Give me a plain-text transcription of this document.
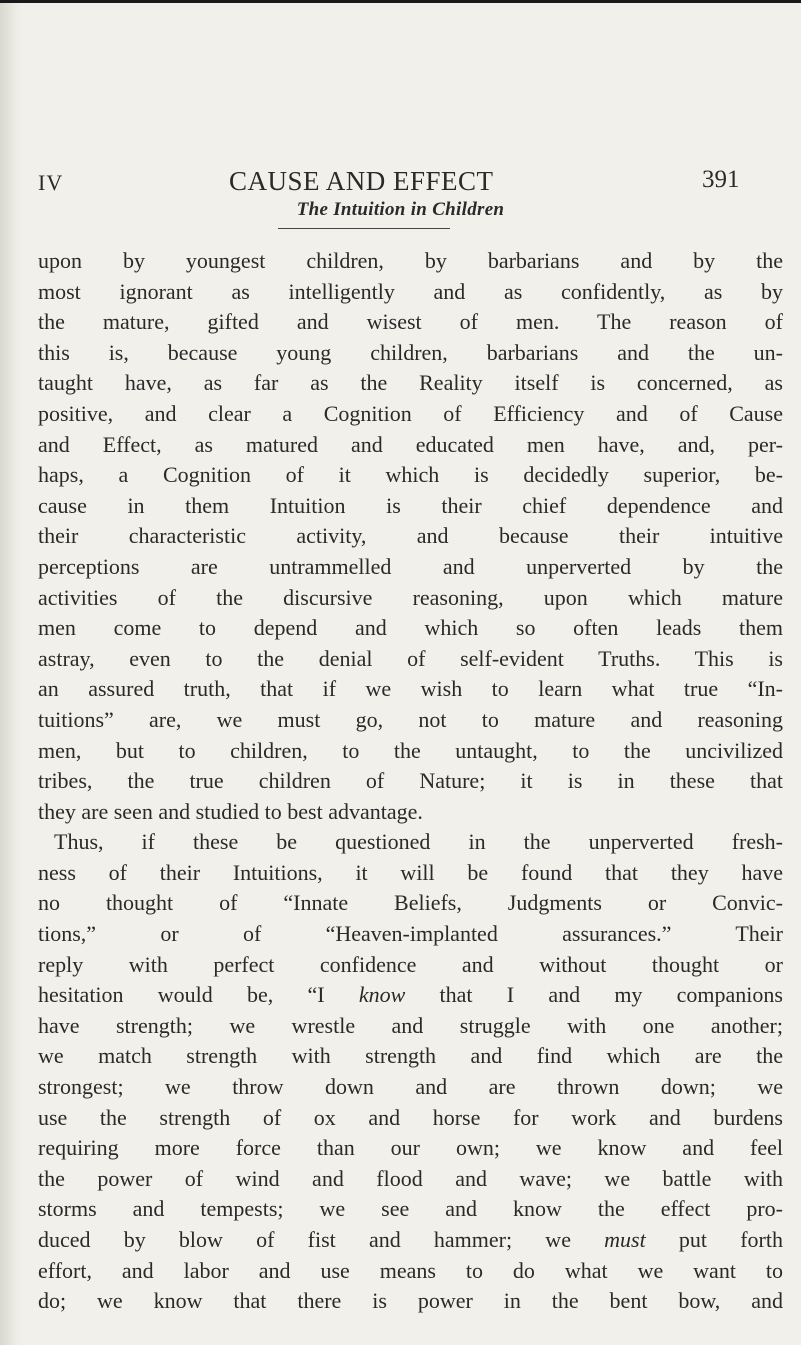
IV	CAUSE AND EFFECT	391
The Intuition in Children
upon by youngest children, by barbarians and by the
most ignorant as intelligently and as confidently, as by
the mature, gifted and wisest of men. The reason of
this is, because young children, barbarians and the un-
taught have, as far as the Reality itself is concerned, as
positive, and clear a Cognition of Efficiency and of Cause
and Effect, as matured and educated men have, and, per-
haps, a Cognition of it which is decidedly superior, be-
cause in them Intuition is their chief dependence and
their characteristic activity, and because their intuitive
perceptions are untrammelled and unperverted by the
activities of the discursive reasoning, upon which mature
men come to depend and which so often leads them
astray, even to the denial of self-evident Truths. This is
an assured truth, that if we wish to learn what true “In-
tuitions” are, we must go, not to mature and reasoning
men, but to children, to the untaught, to the uncivilized
tribes, the true children of Nature; it is in these that
they are seen and studied to best advantage.
Thus, if these be questioned in the unperverted fresh-
ness of their Intuitions, it will be found that they have
no thought of “Innate Beliefs, Judgments or Convic-
tions,” or of “Heaven-implanted assurances.” Their
reply with perfect confidence and without thought or
hesitation would be, “I know that I and my companions
have strength; we wrestle and struggle with one another;
we match strength with strength and find which are the
strongest; we throw down and are thrown down; we
use the strength of ox and horse for work and burdens
requiring more force than our own; we know and feel
the power of wind and flood and wave; we battle with
storms and tempests; we see and know the effect pro-
duced by blow of fist and hammer; we must put forth
effort, and labor and use means to do what we want to
do; we know that there is power in the bent bow, and
